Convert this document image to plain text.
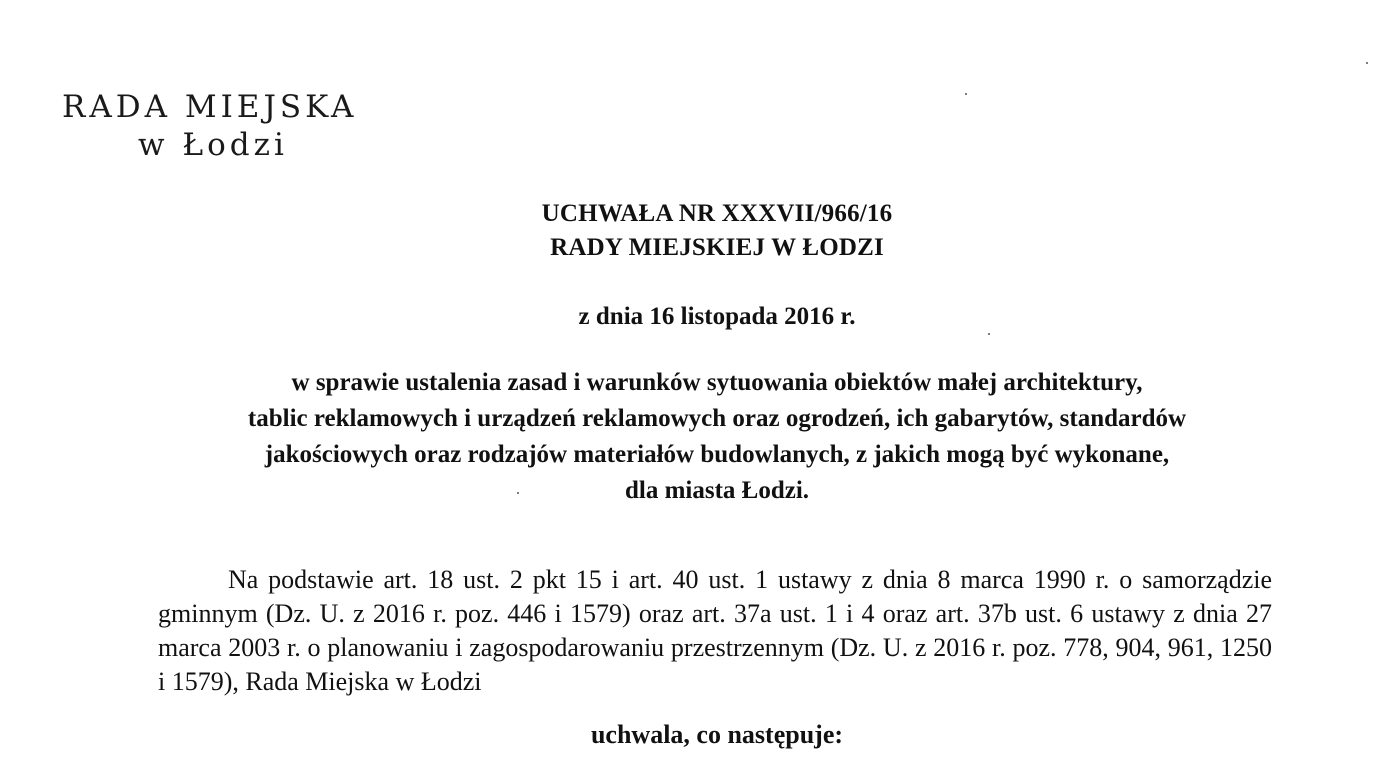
RADA MIEJSKA
w Łodzi
UCHWAŁA NR XXXVII/966/16
RADY MIEJSKIEJ W ŁODZI
z dnia 16 listopada 2016 r.
w sprawie ustalenia zasad i warunków sytuowania obiektów małej architektury,
tablic reklamowych i urządzeń reklamowych oraz ogrodzeń, ich gabarytów, standardów
jakościowych oraz rodzajów materiałów budowlanych, z jakich mogą być wykonane,
dla miasta Łodzi.

Na podstawie art. 18 ust. 2 pkt 15 i art. 40 ust. 1 ustawy z dnia 8 marca 1990 r. o samorządzie gminnym (Dz. U. z 2016 r. poz. 446 i 1579) oraz art. 37a ust. 1 i 4 oraz art. 37b ust. 6 ustawy z dnia 27 marca 2003 r. o planowaniu i zagospodarowaniu przestrzennym (Dz. U. z 2016 r. poz. 778, 904, 961, 1250 i 1579), Rada Miejska w Łodzi

uchwala, co następuje:
